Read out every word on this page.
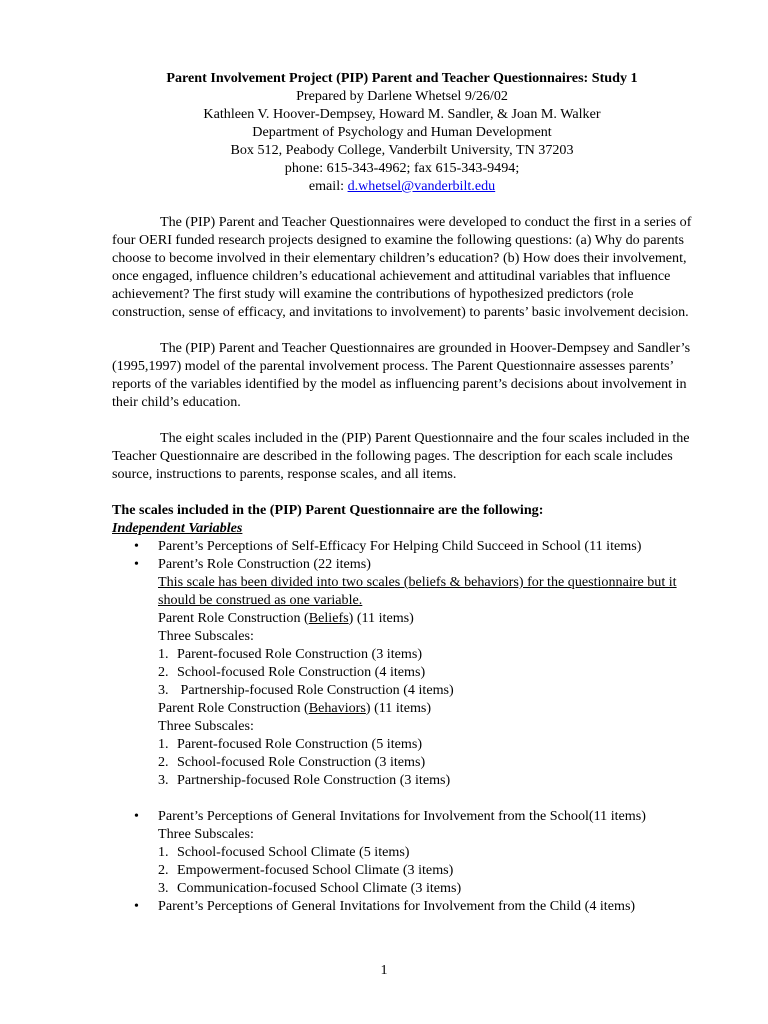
Parent Involvement Project (PIP) Parent and Teacher Questionnaires: Study 1
Prepared by Darlene Whetsel 9/26/02
Kathleen V. Hoover-Dempsey, Howard M. Sandler, & Joan M. Walker
Department of Psychology and Human Development
Box 512, Peabody College, Vanderbilt University, TN 37203
phone: 615-343-4962; fax 615-343-9494;
email: d.whetsel@vanderbilt.edu

The (PIP) Parent and Teacher Questionnaires were developed to conduct the first in a series of four OERI funded research projects designed to examine the following questions: (a) Why do parents choose to become involved in their elementary children’s education? (b) How does their involvement, once engaged, influence children’s educational achievement and attitudinal variables that influence achievement? The first study will examine the contributions of hypothesized predictors (role construction, sense of efficacy, and invitations to involvement) to parents’ basic involvement decision.

The (PIP) Parent and Teacher Questionnaires are grounded in Hoover-Dempsey and Sandler’s (1995,1997) model of the parental involvement process. The Parent Questionnaire assesses parents’ reports of the variables identified by the model as influencing parent’s decisions about involvement in their child’s education.

The eight scales included in the (PIP) Parent Questionnaire and the four scales included in the Teacher Questionnaire are described in the following pages. The description for each scale includes source, instructions to parents, response scales, and all items.

The scales included in the (PIP) Parent Questionnaire are the following:
Independent Variables
• Parent’s Perceptions of Self-Efficacy For Helping Child Succeed in School (11 items)
• Parent’s Role Construction (22 items)
This scale has been divided into two scales (beliefs & behaviors) for the questionnaire but it should be construed as one variable.
Parent Role Construction (Beliefs) (11 items)
Three Subscales:
1. Parent-focused Role Construction (3 items)
2. School-focused Role Construction (4 items)
3. Partnership-focused Role Construction (4 items)
Parent Role Construction (Behaviors) (11 items)
Three Subscales:
1. Parent-focused Role Construction (5 items)
2. School-focused Role Construction (3 items)
3. Partnership-focused Role Construction (3 items)
• Parent’s Perceptions of General Invitations for Involvement from the School(11 items)
Three Subscales:
1. School-focused School Climate (5 items)
2. Empowerment-focused School Climate (3 items)
3. Communication-focused School Climate (3 items)
• Parent’s Perceptions of General Invitations for Involvement from the Child (4 items)
1
